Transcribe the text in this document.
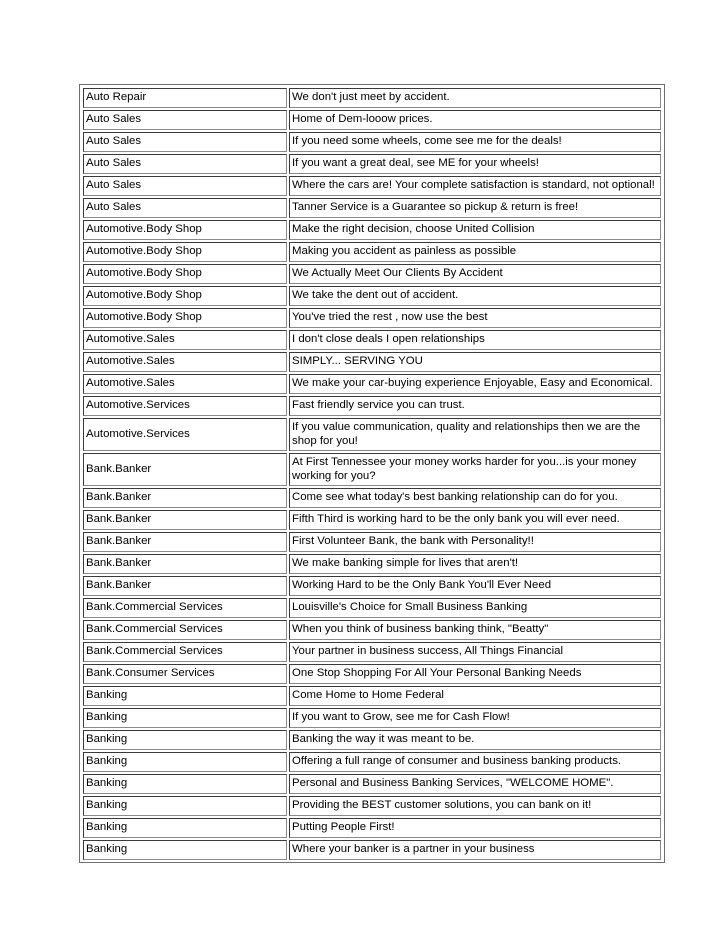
Auto Repair	We don't just meet by accident.
Auto Sales	Home of Dem-looow prices.
Auto Sales	If you need some wheels, come see me for the deals!
Auto Sales	If you want a great deal, see ME for your wheels!
Auto Sales	Where the cars are! Your complete satisfaction is standard, not optional!
Auto Sales	Tanner Service is a Guarantee so pickup & return is free!
Automotive.Body Shop	Make the right decision, choose United Collision
Automotive.Body Shop	Making you accident as painless as possible
Automotive.Body Shop	We Actually Meet Our Clients By Accident
Automotive.Body Shop	We take the dent out of accident.
Automotive.Body Shop	You've tried the rest , now use the best
Automotive.Sales	I don't close deals I open relationships
Automotive.Sales	SIMPLY... SERVING YOU
Automotive.Sales	We make your car-buying experience Enjoyable, Easy and Economical.
Automotive.Services	Fast friendly service you can trust.
Automotive.Services	If you value communication, quality and relationships then we are the shop for you!
Bank.Banker	At First Tennessee your money works harder for you...is your money working for you?
Bank.Banker	Come see what today's best banking relationship can do for you.
Bank.Banker	Fifth Third is working hard to be the only bank you will ever need.
Bank.Banker	First Volunteer Bank, the bank with Personality!!
Bank.Banker	We make banking simple for lives that aren't!
Bank.Banker	Working Hard to be the Only Bank You'll Ever Need
Bank.Commercial Services	Louisville's Choice for Small Business Banking
Bank.Commercial Services	When you think of business banking think, "Beatty"
Bank.Commercial Services	Your partner in business success, All Things Financial
Bank.Consumer Services	One Stop Shopping For All Your Personal Banking Needs
Banking	Come Home to Home Federal
Banking	If you want to Grow, see me for Cash Flow!
Banking	Banking the way it was meant to be.
Banking	Offering a full range of consumer and business banking products.
Banking	Personal and Business Banking Services, "WELCOME HOME".
Banking	Providing the BEST customer solutions, you can bank on it!
Banking	Putting People First!
Banking	Where your banker is a partner in your business
